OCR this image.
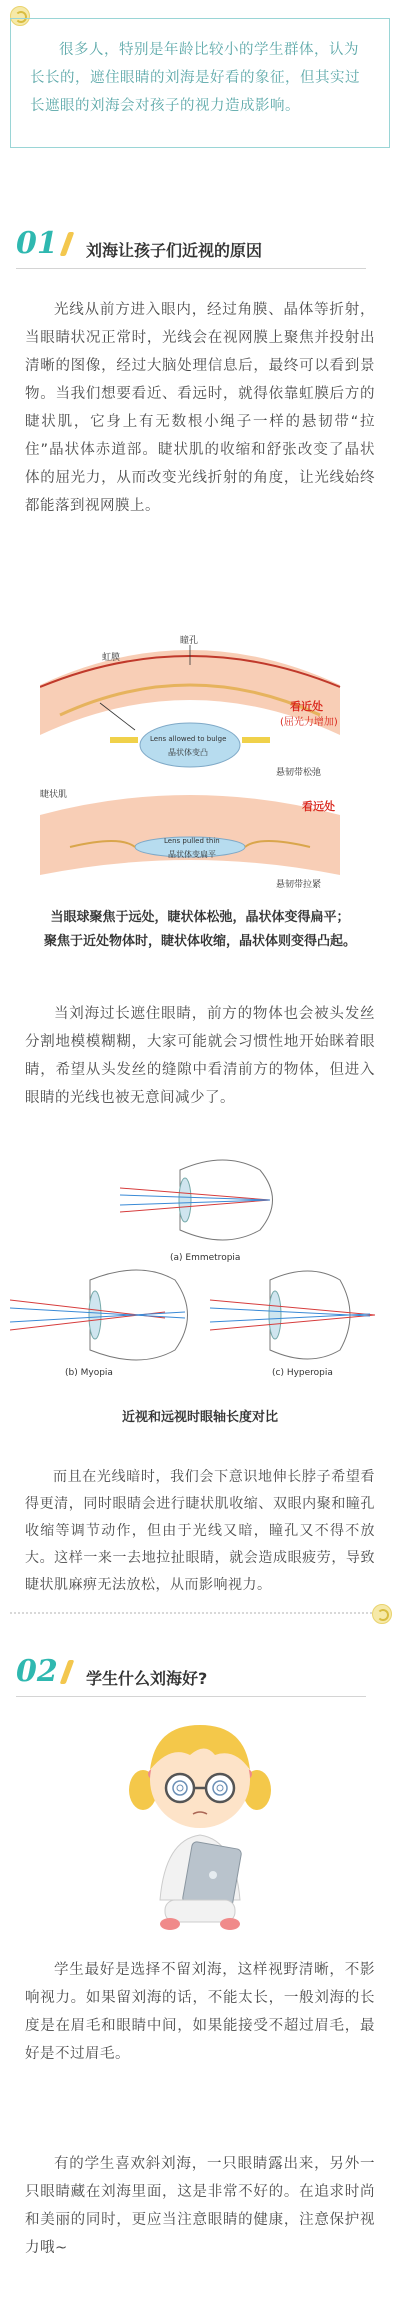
很多人，特别是年龄比较小的学生群体，认为长长的，遮住眼睛的刘海是好看的象征，但其实过长遮眼的刘海会对孩子的视力造成影响。
01 刘海让孩子们近视的原因

光线从前方进入眼内，经过角膜、晶体等折射，当眼睛状况正常时，光线会在视网膜上聚焦并投射出清晰的图像，经过大脑处理信息后，最终可以看到景物。当我们想要看近、看远时，就得依靠虹膜后方的睫状肌，它身上有无数根小绳子一样的悬韧带“拉住”晶状体赤道部。睫状肌的收缩和舒张改变了晶状体的屈光力，从而改变光线折射的角度，让光线始终都能落到视网膜上。

虹膜
瞳孔
Lens allowed to bulge
晶状体变凸
悬韧带松弛
看近处
(屈光力增加)
睫状肌
Lens pulled thin
晶状体变扁平
悬韧带拉紧
看远处
当眼球聚焦于远处，睫状体松弛，晶状体变得扁平；
聚焦于近处物体时，睫状体收缩，晶状体则变得凸起。

当刘海过长遮住眼睛，前方的物体也会被头发丝分割地模模糊糊，大家可能就会习惯性地开始眯着眼睛，希望从头发丝的缝隙中看清前方的物体，但进入眼睛的光线也被无意间减少了。

(a) Emmetropia
(b) Myopia	(c) Hyperopia
近视和远视时眼轴长度对比

而且在光线暗时，我们会下意识地伸长脖子希望看得更清，同时眼睛会进行睫状肌收缩、双眼内聚和瞳孔收缩等调节动作，但由于光线又暗，瞳孔又不得不放大。这样一来一去地拉扯眼睛，就会造成眼疲劳，导致睫状肌麻痹无法放松，从而影响视力。

02 学生什么刘海好?

学生最好是选择不留刘海，这样视野清晰，不影响视力。如果留刘海的话，不能太长，一般刘海的长度是在眉毛和眼睛中间，如果能接受不超过眉毛，最好是不过眉毛。

有的学生喜欢斜刘海，一只眼睛露出来，另外一只眼睛藏在刘海里面，这是非常不好的。在追求时尚和美丽的同时，更应当注意眼睛的健康，注意保护视力哦~
